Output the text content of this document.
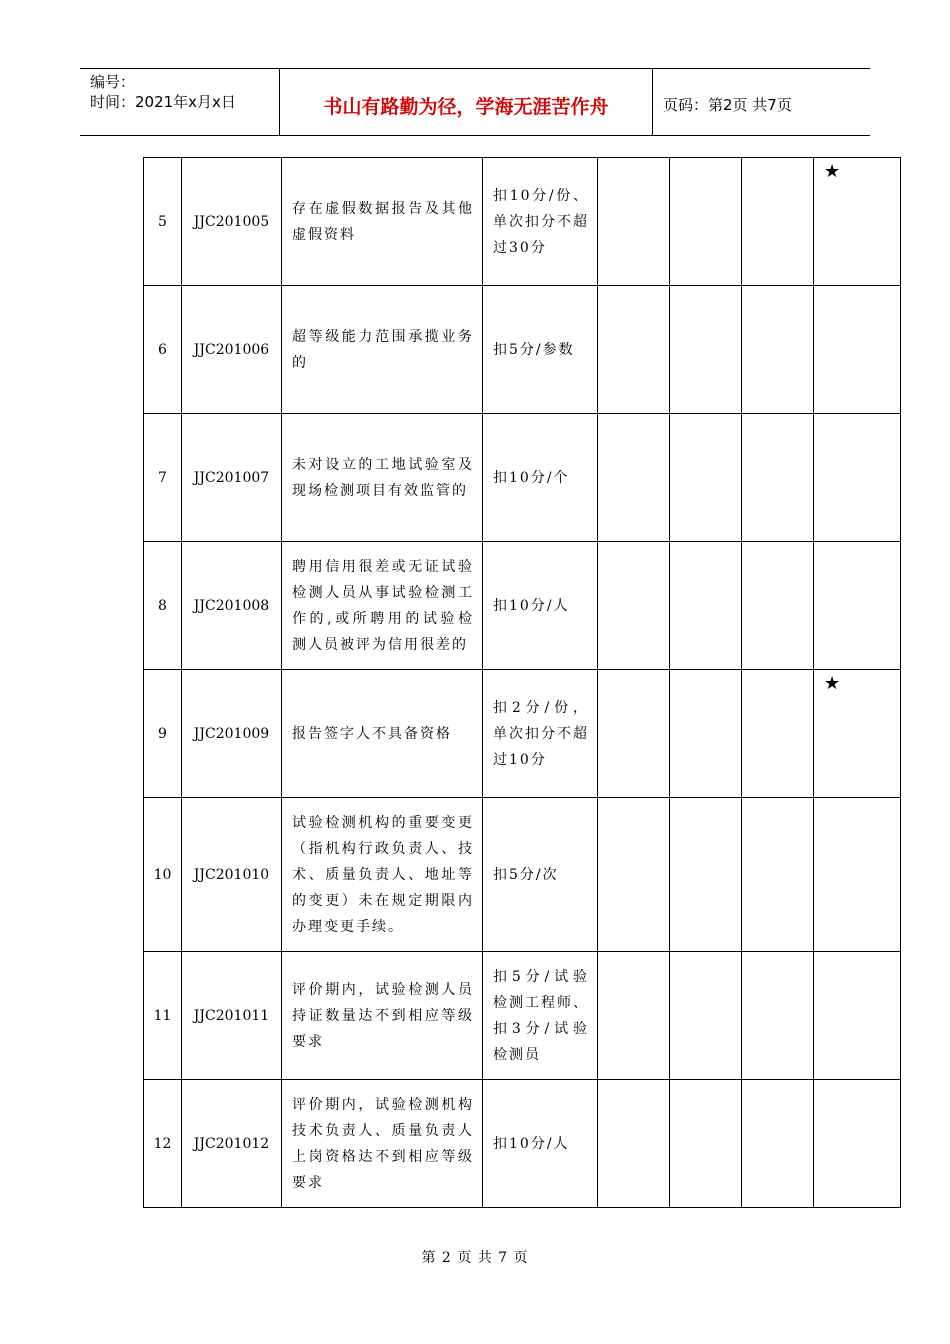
编号：
时间：2021年x月x日	书山有路勤为径，学海无涯苦作舟	页码：第2页 共7页
5	JJC201005	存在虚假数据报告及其他虚假资料	扣10分/份、单次扣分不超过30分				★

6	JJC201006	超等级能力范围承揽业务的	扣5分/参数				

7	JJC201007	未对设立的工地试验室及现场检测项目有效监管的	扣10分/个				

8	JJC201008	聘用信用很差或无证试验检测人员从事试验检测工作的,或所聘用的试验检测人员被评为信用很差的	扣10分/人				

9	JJC201009	报告签字人不具备资格	扣2分/份，单次扣分不超过10分				★

10	JJC201010	试验检测机构的重要变更（指机构行政负责人、技术、质量负责人、地址等的变更）未在规定期限内办理变更手续。	扣5分/次				

11	JJC201011	评价期内，试验检测人员持证数量达不到相应等级要求	扣5分/试验检测工程师、扣3分/试验检测员				

12	JJC201012	评价期内，试验检测机构技术负责人、质量负责人上岗资格达不到相应等级要求	扣10分/人				
第 2 页 共 7 页
